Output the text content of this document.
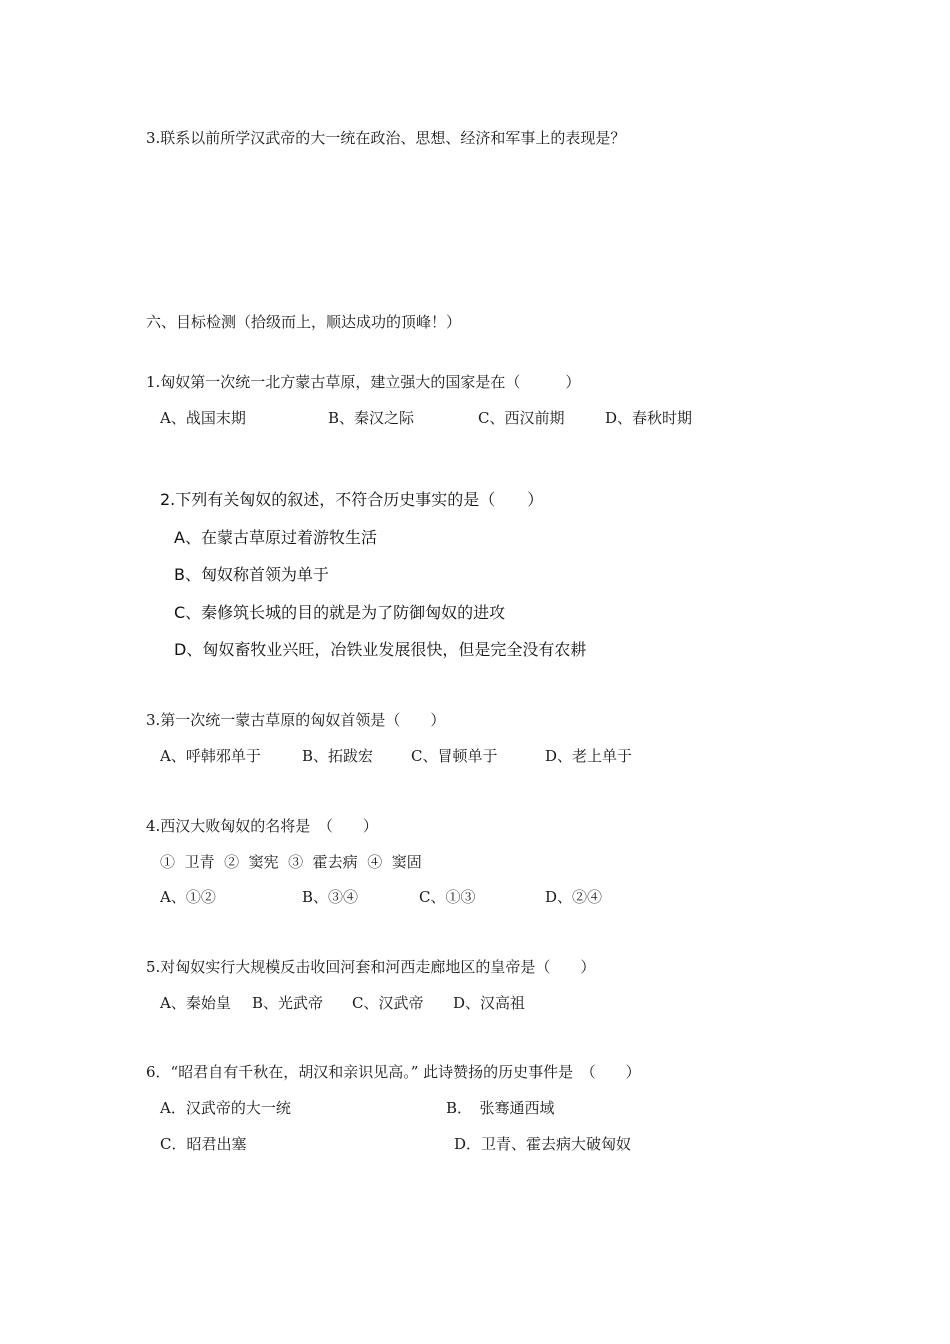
3.联系以前所学汉武帝的大一统在政治、思想、经济和军事上的表现是？
六、目标检测（拾级而上，顺达成功的顶峰！）
1.匈奴第一次统一北方蒙古草原，建立强大的国家是在（　　　）
A、战国末期	B、秦汉之际	C、西汉前期	D、春秋时期
2.下列有关匈奴的叙述，不符合历史事实的是（　　）
A、在蒙古草原过着游牧生活
B、匈奴称首领为单于
C、秦修筑长城的目的就是为了防御匈奴的进攻
D、匈奴畜牧业兴旺，冶铁业发展很快，但是完全没有农耕
3.第一次统一蒙古草原的匈奴首领是（　　）
A、呼韩邪单于	B、拓跋宏	C、冒顿单于	D、老上单于
4.西汉大败匈奴的名将是　（　　）
①  卫青  ②  窦宪  ③  霍去病  ④  窦固
A、①②	B、③④	C、①③	D、②④
5.对匈奴实行大规模反击收回河套和河西走廊地区的皇帝是（　　）
A、秦始皇 B、光武帝 C、汉武帝 D、汉高祖
6．“昭君自有千秋在，胡汉和亲识见高。” 此诗赞扬的历史事件是　（　　）
A．汉武帝的大一统	B．　张骞通西域
C．昭君出塞	D．卫青、霍去病大破匈奴
